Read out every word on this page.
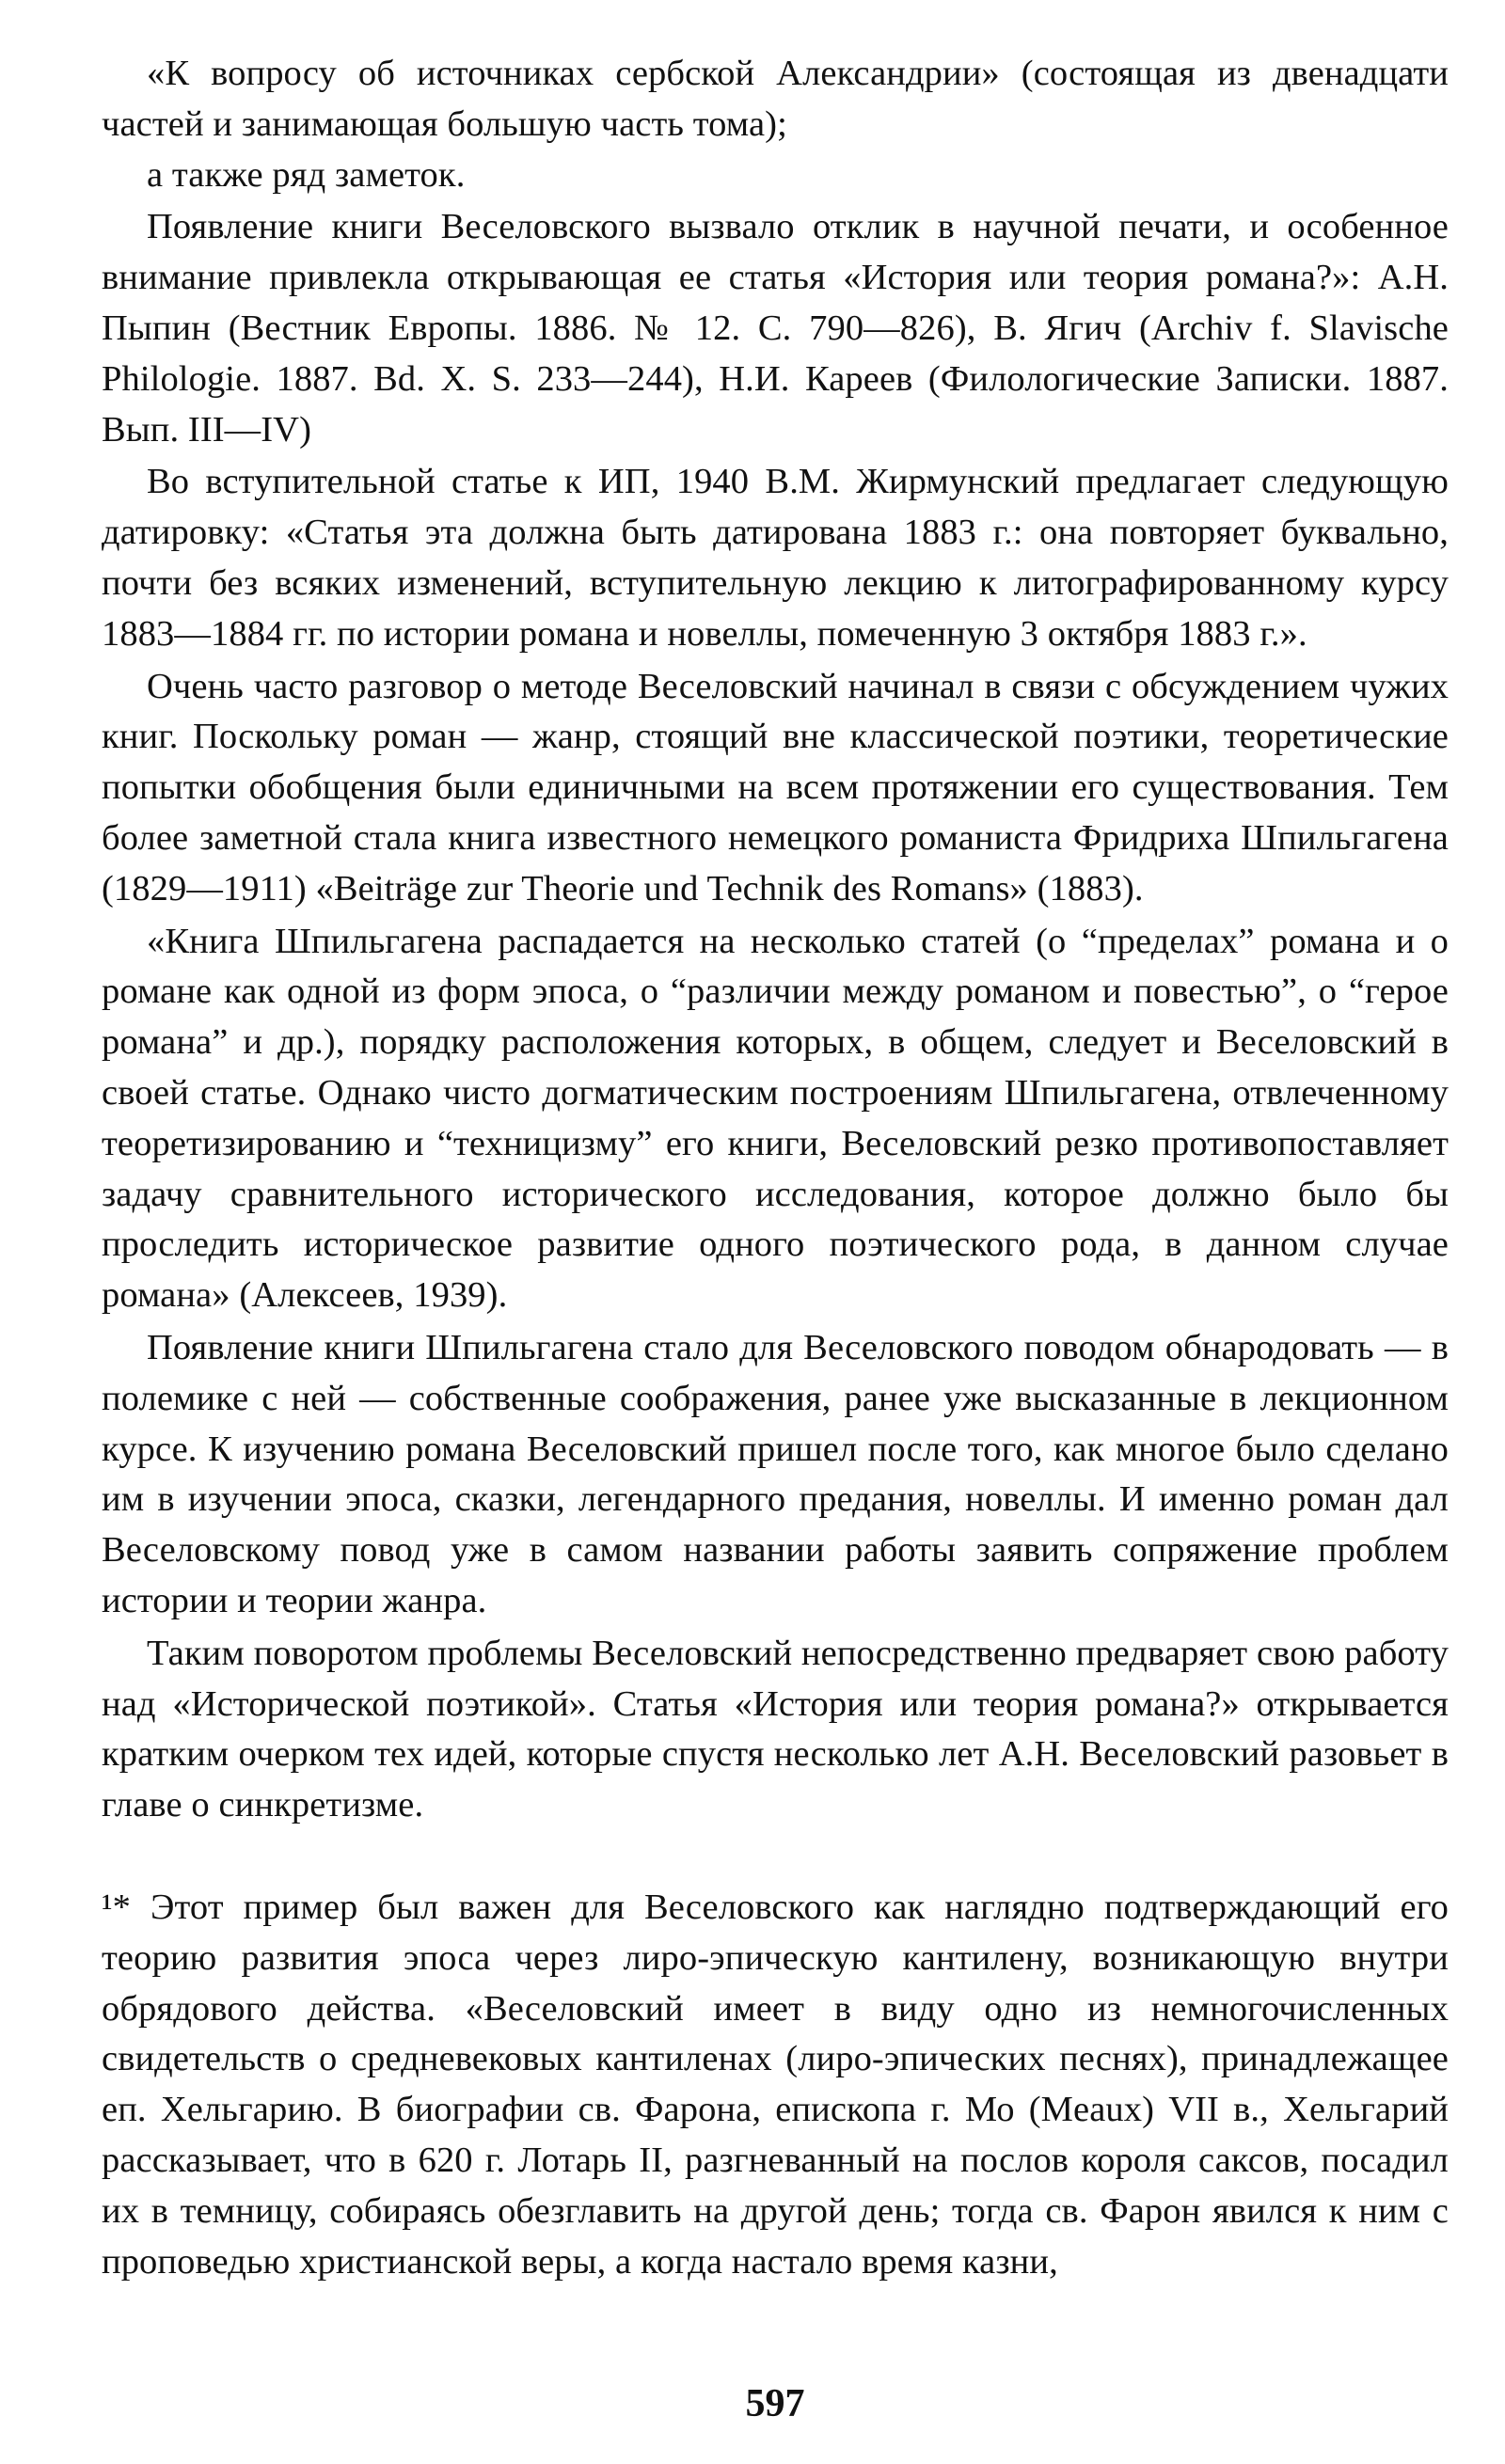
«К вопросу об источниках сербской Александрии» (состоящая из двенадцати частей и занимающая большую часть тома);

а также ряд заметок.

Появление книги Веселовского вызвало отклик в научной печати, и особенное внимание привлекла открывающая ее статья «История или теория романа?»: А.Н. Пыпин (Вестник Европы. 1886. № 12. С. 790—826), В. Ягич (Archiv f. Slavische Philologie. 1887. Bd. X. S. 233—244), Н.И. Кареев (Филологические Записки. 1887. Вып. III—IV)

Во вступительной статье к ИП, 1940 В.М. Жирмунский предлагает следующую датировку: «Статья эта должна быть датирована 1883 г.: она повторяет буквально, почти без всяких изменений, вступительную лекцию к литографированному курсу 1883—1884 гг. по истории романа и новеллы, помеченную 3 октября 1883 г.».

Очень часто разговор о методе Веселовский начинал в связи с обсуждением чужих книг. Поскольку роман — жанр, стоящий вне классической поэтики, теоретические попытки обобщения были единичными на всем протяжении его существования. Тем более заметной стала книга известного немецкого романиста Фридриха Шпильгагена (1829—1911) «Beiträge zur Theorie und Technik des Romans» (1883).

«Книга Шпильгагена распадается на несколько статей (о “пределах” романа и о романе как одной из форм эпоса, о “различии между романом и повестью”, о “герое романа” и др.), порядку расположения которых, в общем, следует и Веселовский в своей статье. Однако чисто догматическим построениям Шпильгагена, отвлеченному теоретизированию и “техницизму” его книги, Веселовский резко противопоставляет задачу сравнительного исторического исследования, которое должно было бы проследить историческое развитие одного поэтического рода, в данном случае романа» (Алексеев, 1939).

Появление книги Шпильгагена стало для Веселовского поводом обнародовать — в полемике с ней — собственные соображения, ранее уже высказанные в лекционном курсе. К изучению романа Веселовский пришел после того, как многое было сделано им в изучении эпоса, сказки, легендарного предания, новеллы. И именно роман дал Веселовскому повод уже в самом названии работы заявить сопряжение проблем истории и теории жанра.

Таким поворотом проблемы Веселовский непосредственно предваряет свою работу над «Исторической поэтикой». Статья «История или теория романа?» открывается кратким очерком тех идей, которые спустя несколько лет А.Н. Веселовский разовьет в главе о синкретизме.

¹* Этот пример был важен для Веселовского как наглядно подтверждающий его теорию развития эпоса через лиро-эпическую кантилену, возникающую внутри обрядового действа. «Веселовский имеет в виду одно из немногочисленных свидетельств о средневековых кантиленах (лиро-эпических песнях), принадлежащее еп. Хельгарию. В биографии св. Фарона, епископа г. Мо (Meaux) VII в., Хельгарий рассказывает, что в 620 г. Лотарь II, разгневанный на послов короля саксов, посадил их в темницу, собираясь обезглавить на другой день; тогда св. Фарон явился к ним с проповедью христианской веры, а когда настало время казни,

597
